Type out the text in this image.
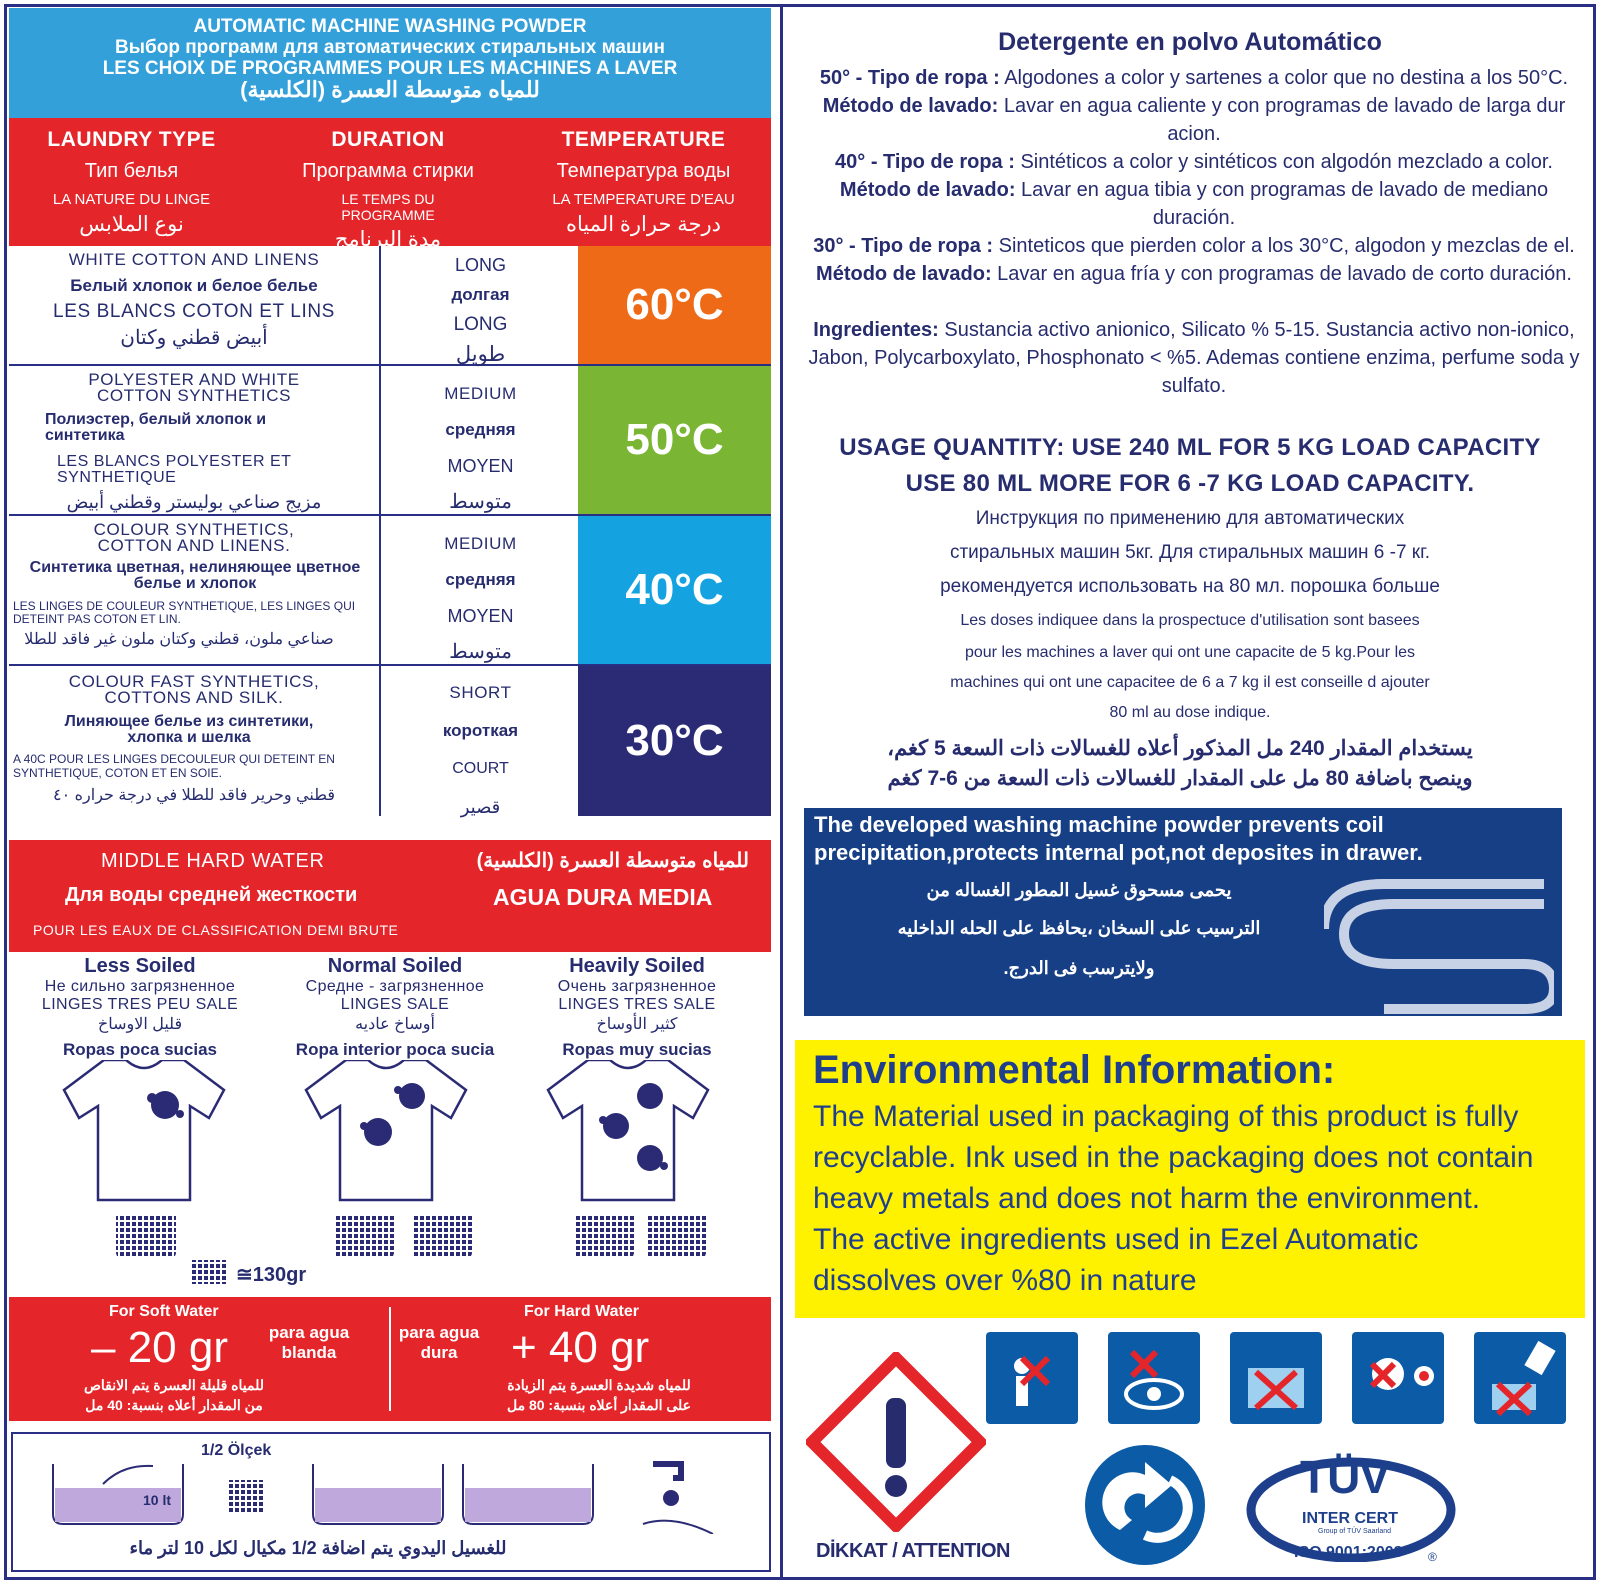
AUTOMATIC MACHINE WASHING POWDER
Выбор программ для автоматических стиральных машин
LES CHOIX DE PROGRAMMES POUR LES MACHINES A LAVER
للمياه متوسطة العسرة (الكلسية)
LAUNDRY TYPE
Тип белья
LA NATURE DU LINGE
نوع الملابس
DURATION
Программа стирки
LE TEMPS DU PROGRAMME
مدة البرنامج
TEMPERATURE
Температура воды
LA TEMPERATURE D'EAU
درجة حرارة المياه
WHITE COTTON AND LINENS
Белый хлопок и белое белье
LES BLANCS COTON ET LINS
أبيض قطني وكتان
LONG
долгая
LONG
طويل
60°C
POLYESTER AND WHITE COTTON SYNTHETICS
Полиэстер, белый хлопок и синтетика
LES BLANCS POLYESTER ET SYNTHETIQUE
مزيج صناعي بوليستر وقطني أبيض
MEDIUM
средняя
MOYEN
متوسط
50°C
COLOUR SYNTHETICS, COTTON AND LINENS.
Синтетика цветная, нелиняющее цветное белье и хлопок
LES LINGES DE COULEUR SYNTHETIQUE, LES LINGES QUI DETEINT PAS COTON ET LIN.
صناعي ملون، قطني وكتان ملون غير فاقد للطلا
MEDIUM
средняя
MOYEN
متوسط
40°C
COLOUR FAST SYNTHETICS, COTTONS AND SILK.
Линяющее белье из синтетики, хлопка и шелка
A 40C POUR LES LINGES DECOULEUR QUI DETEINT EN SYNTHETIQUE, COTON ET EN SOIE.
قطني وحرير فاقد للطلا في درجة حراره ٤٠
SHORT
короткая
COURT
قصير
30°C
MIDDLE HARD WATER
Для воды средней жесткости
POUR LES EAUX DE CLASSIFICATION DEMI BRUTE
للمياه متوسطة العسرة (الكلسية)
AGUA DURA MEDIA
Less Soiled
Не сильно загрязненное
LINGES TRES PEU SALE
قليل الاوساخ
Ropas poca sucias
Normal Soiled
Средне - загрязненное
LINGES SALE
أوساخ عاديه
Ropa interior poca sucia
Heavily Soiled
Очень загрязненное
LINGES TRES SALE
كثير الأوساخ
Ropas muy sucias
≅130gr
For Soft Water
– 20 gr	para agua blanda
للمياه قليلة العسرة يتم الانقاص
من المقدار أعلاه بنسبة: 40 مل
For Hard Water
+ 40 gr
para agua dura
للمياه شديدة العسرة يتم الزيادة
على المقدار أعلاه بنسبة: 80 مل
1/2 Ölçek
10 lt
للغسيل اليدوي يتم اضافة 1/2 مكيال لكل 10 لتر ماء
Detergente en polvo Automático
50° - Tipo de ropa : Algodones a color y sartenes a color que no destina a los 50°C. Método de lavado: Lavar en agua caliente y con programas de lavado de larga dur acion.
40° - Tipo de ropa : Sintéticos a color y sintéticos con algodón mezclado a color. Método de lavado: Lavar en agua tibia y con programas de lavado de mediano duración.
30° - Tipo de ropa : Sinteticos que pierden color a los 30°C, algodon y mezclas de el. Método de lavado: Lavar en agua fría y con programas de lavado de corto duración.
Ingredientes: Sustancia activo anionico, Silicato % 5-15. Sustancia activo non-ionico, Jabon, Polycarboxylato, Phosphonato < %5. Ademas contiene enzima, perfume soda y sulfato.
USAGE QUANTITY: USE 240 ML FOR 5 KG LOAD CAPACITY
USE 80 ML MORE FOR 6 -7 KG LOAD CAPACITY.
Инструкция по применению для автоматических
стиральных машин 5кг. Для стиральных машин 6 -7 кг.
рекомендуется использовать на 80 мл. порошка больше
Les doses indiquee dans la prospectuce d'utilisation sont basees
pour les machines a laver qui ont une capacite de 5 kg.Pour les
machines qui ont une capacitee de 6 a 7 kg il est conseille d ajouter
80 ml au dose indique.
يستخدام المقدار 240 مل المذكور أعلاه للغسالات ذات السعة 5 كغم،
وينصح باضافة 80 مل على المقدار للغسالات ذات السعة من 6-7 كغم
The developed washing machine powder prevents coil
precipitation,protects internal pot,not deposites in drawer.
يحمى مسحوق غسيل المطور الغساله من
الترسيب على السخان ،يحافظ على الحله الداخليه
ولايترسب فى الدرج.
Environmental Information:
The Material used in packaging of this product is fully
recyclable. Ink used in the packaging does not contain
heavy metals and does not harm the environment.
The active ingredients used in Ezel Automatic
dissolves over %80 in nature
DİKKAT / ATTENTION
TÜV
INTER CERT
Group of TÜV Saarland
ISO 9001:2008 ®
